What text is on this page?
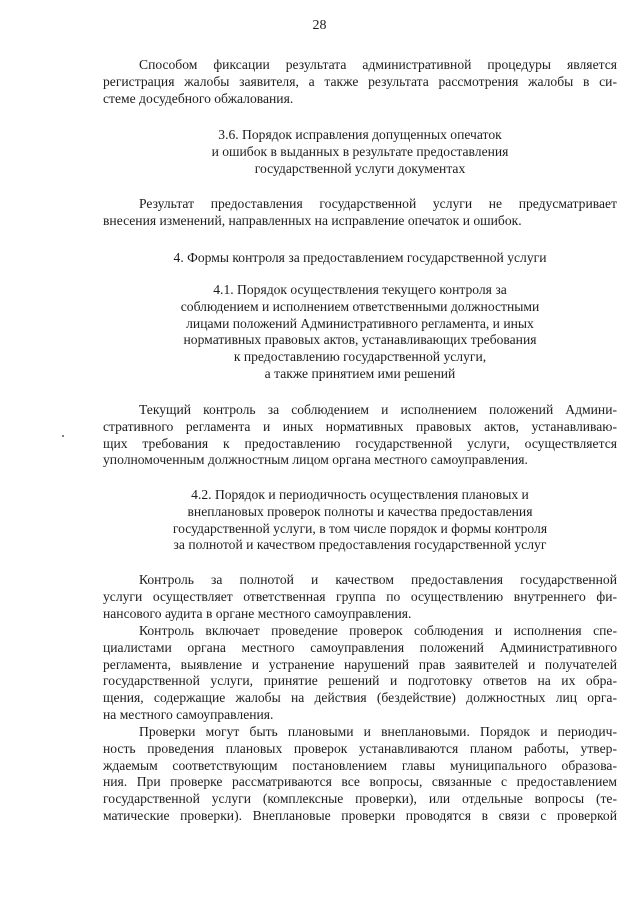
28
Способом фиксации результата административной процедуры является
регистрация жалобы заявителя, а также результата рассмотрения жалобы в си-
стеме досудебного обжалования.
3.6. Порядок исправления допущенных опечаток
и ошибок в выданных в результате предоставления
государственной услуги документах
Результат предоставления государственной услуги не предусматривает
внесения изменений, направленных на исправление опечаток и ошибок.
4. Формы контроля за предоставлением государственной услуги
4.1. Порядок осуществления текущего контроля за
соблюдением и исполнением ответственными должностными
лицами положений Административного регламента, и иных
нормативных правовых актов, устанавливающих требования
к предоставлению государственной услуги,
а также принятием ими решений
Текущий контроль за соблюдением и исполнением положений Админи-
стративного регламента и иных нормативных правовых актов, устанавливаю-
щих требования к предоставлению государственной услуги, осуществляется
уполномоченным должностным лицом органа местного самоуправления.
4.2. Порядок и периодичность осуществления плановых и
внеплановых проверок полноты и качества предоставления
государственной услуги, в том числе порядок и формы контроля
за полнотой и качеством предоставления государственной услуг
Контроль за полнотой и качеством предоставления государственной
услуги осуществляет ответственная группа по осуществлению внутреннего фи-
нансового аудита в органе местного самоуправления.
Контроль включает проведение проверок соблюдения и исполнения спе-
циалистами органа местного самоуправления положений Административного
регламента, выявление и устранение нарушений прав заявителей и получателей
государственной услуги, принятие решений и подготовку ответов на их обра-
щения, содержащие жалобы на действия (бездействие) должностных лиц орга-
на местного самоуправления.
Проверки могут быть плановыми и внеплановыми. Порядок и периодич-
ность проведения плановых проверок устанавливаются планом работы, утвер-
ждаемым соответствующим постановлением главы муниципального образова-
ния. При проверке рассматриваются все вопросы, связанные с предоставлением
государственной услуги (комплексные проверки), или отдельные вопросы (те-
матические проверки). Внеплановые проверки проводятся в связи с проверкой
